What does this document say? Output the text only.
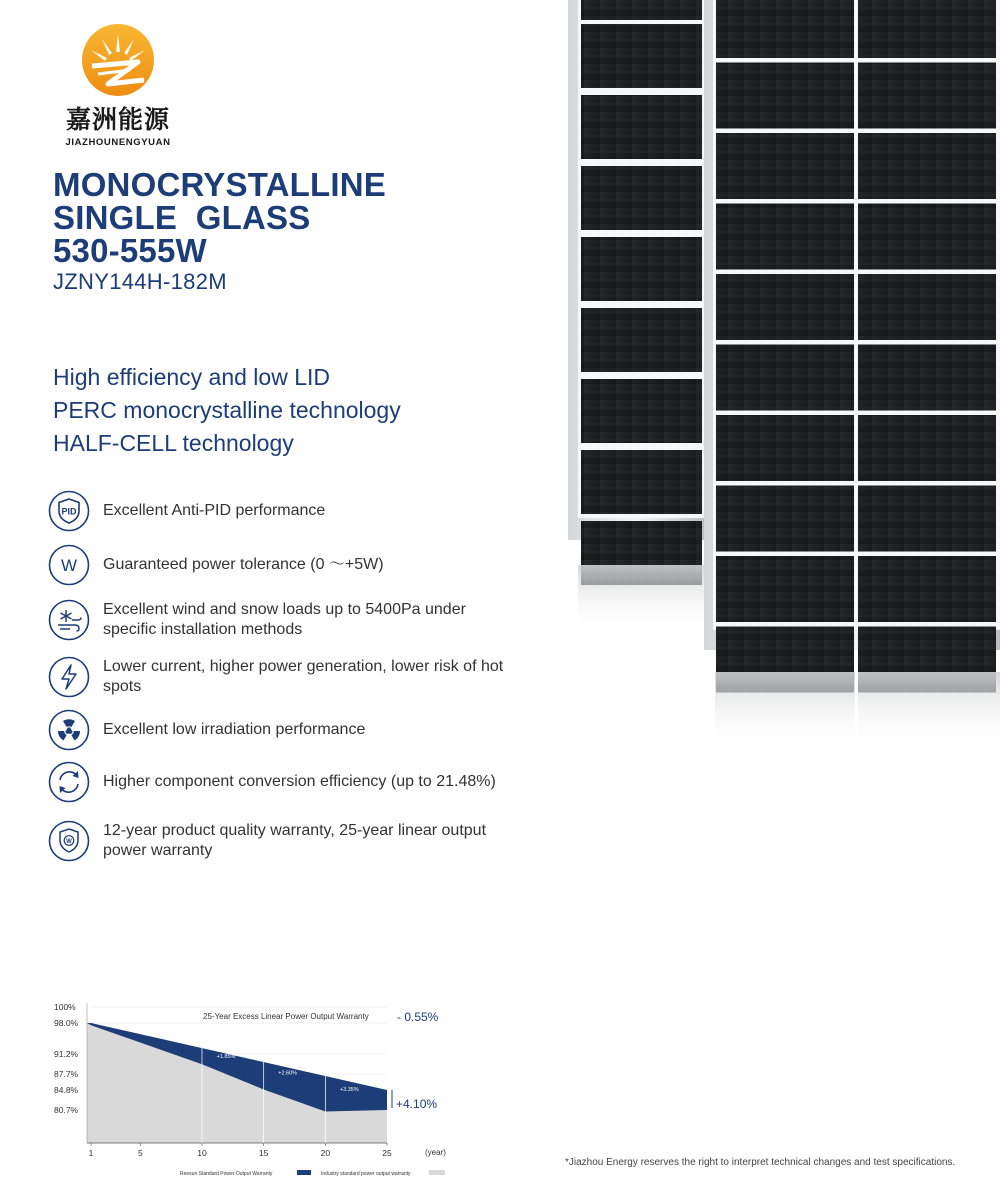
嘉洲能源
JIAZHOUNENGYUAN
MONOCRYSTALLINE
SINGLE  GLASS
530-555W
JZNY144H-182M
High efficiency and low LID
PERC monocrystalline technology
HALF-CELL technology
PID Excellent Anti-PID performance
W Guaranteed power tolerance (0 ～+5W)
Excellent wind and snow loads up to 5400Pa under specific installation methods
Lower current, higher power generation, lower risk of hot spots
Excellent low irradiation performance
Higher component conversion efficiency (up to 21.48%)
W
12-year product quality warranty, 25-year linear output power warranty
100%
98.0%
91.2%
87.7%
84.8%
80.7%
1	5	10	15	20	25
+1.85%
+2.60%
+3.35%
25-Year Excess Linear Power Output Warranty - 0.55%
+4.10%
(year)
Reesun Standard Power Output Warranty	Industry standard power output warranty
*Jiazhou Energy reserves the right to interpret technical changes and test specifications.
